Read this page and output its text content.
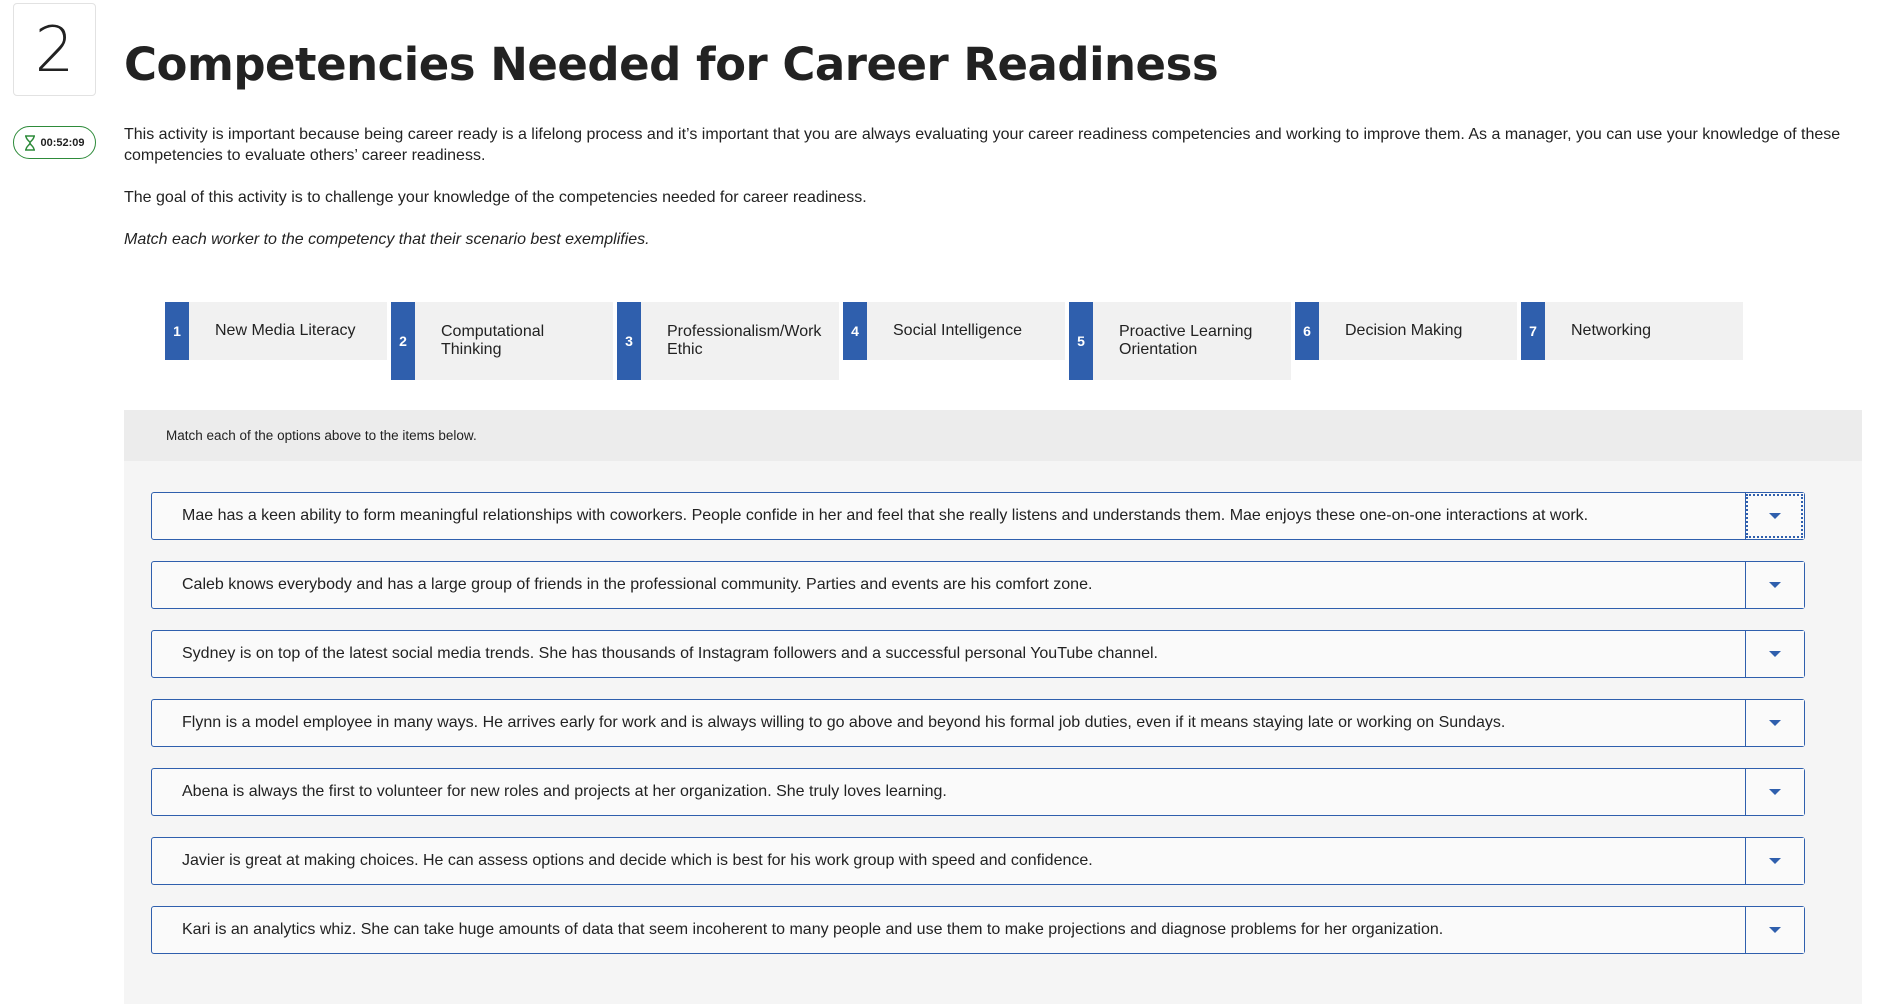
2
00:52:09
Competencies Needed for Career Readiness

This activity is important because being career ready is a lifelong process and it’s important that you are always evaluating your career readiness competencies and working to improve them. As a manager, you can use your knowledge of these competencies to evaluate others’ career readiness.

The goal of this activity is to challenge your knowledge of the competencies needed for career readiness.

Match each worker to the competency that their scenario best exemplifies.

1	New Media Literacy
2
Computational Thinking	3
Professionalism/Work Ethic
4	Social Intelligence
5
Proactive Learning Orientation
6	Decision Making	7	Networking
Match each of the options above to the items below.
Mae has a keen ability to form meaningful relationships with coworkers. People confide in her and feel that she really listens and understands them. Mae enjoys these one-on-one interactions at work.
Caleb knows everybody and has a large group of friends in the professional community. Parties and events are his comfort zone.
Sydney is on top of the latest social media trends. She has thousands of Instagram followers and a successful personal YouTube channel.
Flynn is a model employee in many ways. He arrives early for work and is always willing to go above and beyond his formal job duties, even if it means staying late or working on Sundays.
Abena is always the first to volunteer for new roles and projects at her organization. She truly loves learning.
Javier is great at making choices. He can assess options and decide which is best for his work group with speed and confidence.
Kari is an analytics whiz. She can take huge amounts of data that seem incoherent to many people and use them to make projections and diagnose problems for her organization.
